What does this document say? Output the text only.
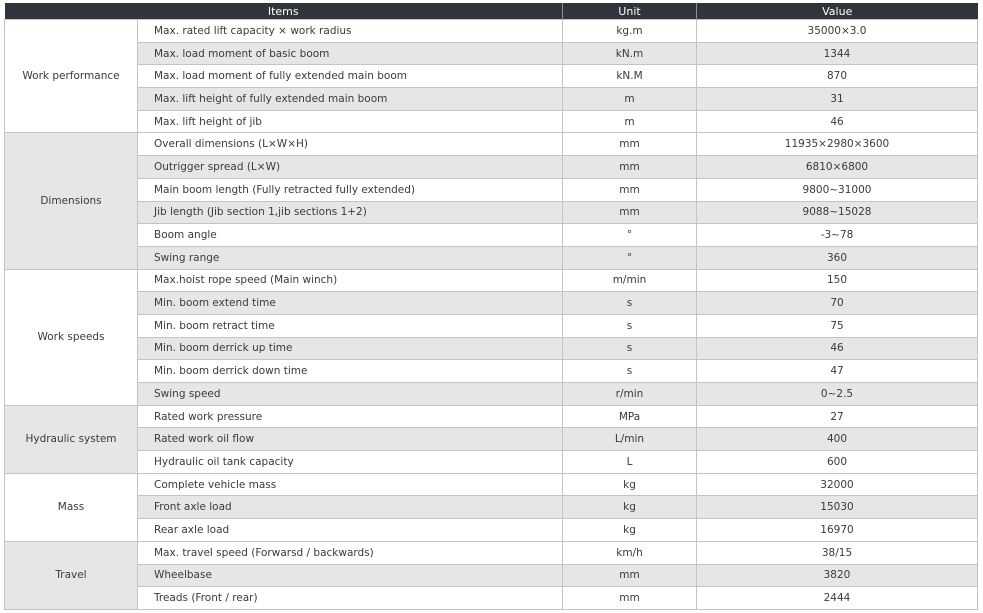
Items		Unit	Value
Work performance	Max. rated lift capacity × work radius	kg.m	35000×3.0
	Max. load moment of basic boom	kN.m	1344
	Max. load moment of fully extended main boom	kN.M	870
	Max. lift height of fully extended main boom	m	31
	Max. lift height of jib	m	46
Dimensions	Overall dimensions (L×W×H)	mm	11935×2980×3600
	Outrigger spread (L×W)	mm	6810×6800
	Main boom length (Fully retracted fully extended)	mm	9800~31000
	Jib length (Jib section 1,jib sections 1+2)	mm	9088~15028
	Boom angle	°	-3~78
	Swing range	°	360
Work speeds	Max.hoist rope speed (Main winch)	m/min	150
	Min. boom extend time	s	70
	Min. boom retract time	s	75
	Min. boom derrick up time	s	46
	Min. boom derrick down time	s	47
	Swing speed	r/min	0~2.5
Hydraulic system	Rated work pressure	MPa	27
	Rated work oil flow	L/min	400
	Hydraulic oil tank capacity	L	600
Mass	Complete vehicle mass	kg	32000
	Front axle load	kg	15030
	Rear axle load	kg	16970
Travel	Max. travel speed (Forwarsd / backwards)	km/h	38/15
	Wheelbase	mm	3820
	Treads (Front / rear)	mm	2444
